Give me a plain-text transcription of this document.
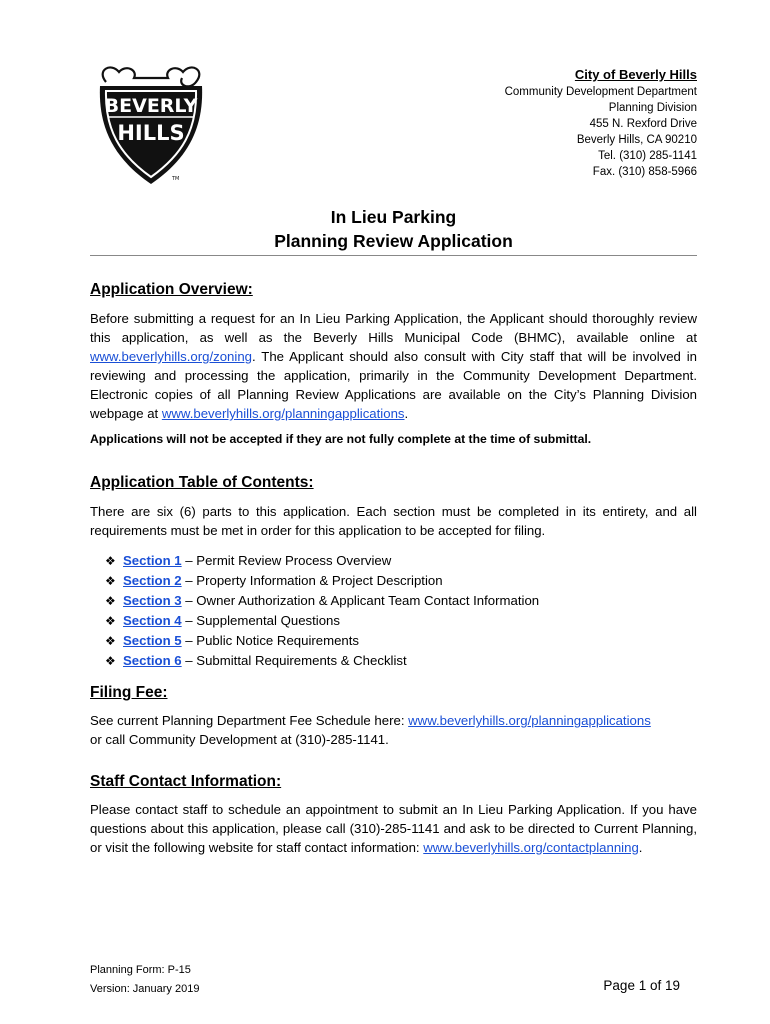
BEVERLY
HILLS
TM
City of Beverly Hills
Community Development Department
Planning Division
455 N. Rexford Drive
Beverly Hills, CA 90210
Tel. (310) 285-1141
Fax. (310) 858-5966
In Lieu Parking
Planning Review Application

Application Overview:

Before submitting a request for an In Lieu Parking Application, the Applicant should thoroughly review this application, as well as the Beverly Hills Municipal Code (BHMC), available online at www.beverlyhills.org/zoning. The Applicant should also consult with City staff that will be involved in reviewing and processing the application, primarily in the Community Development Department. Electronic copies of all Planning Review Applications are available on the City’s Planning Division webpage at www.beverlyhills.org/planningapplications.

Applications will not be accepted if they are not fully complete at the time of submittal.

Application Table of Contents:

There are six (6) parts to this application. Each section must be completed in its entirety, and all requirements must be met in order for this application to be accepted for filing.

❖ Section 1 – Permit Review Process Overview
❖ Section 2 – Property Information & Project Description
❖ Section 3 – Owner Authorization & Applicant Team Contact Information
❖ Section 4 – Supplemental Questions
❖ Section 5 – Public Notice Requirements
❖ Section 6 – Submittal Requirements & Checklist

Filing Fee:

See current Planning Department Fee Schedule here: www.beverlyhills.org/planningapplications
or call Community Development at (310)-285-1141.

Staff Contact Information:

Please contact staff to schedule an appointment to submit an In Lieu Parking Application. If you have questions about this application, please call (310)-285-1141 and ask to be directed to Current Planning, or visit the following website for staff contact information: www.beverlyhills.org/contactplanning.

Planning Form: P-15
Version: January 2019	Page 1 of 19
